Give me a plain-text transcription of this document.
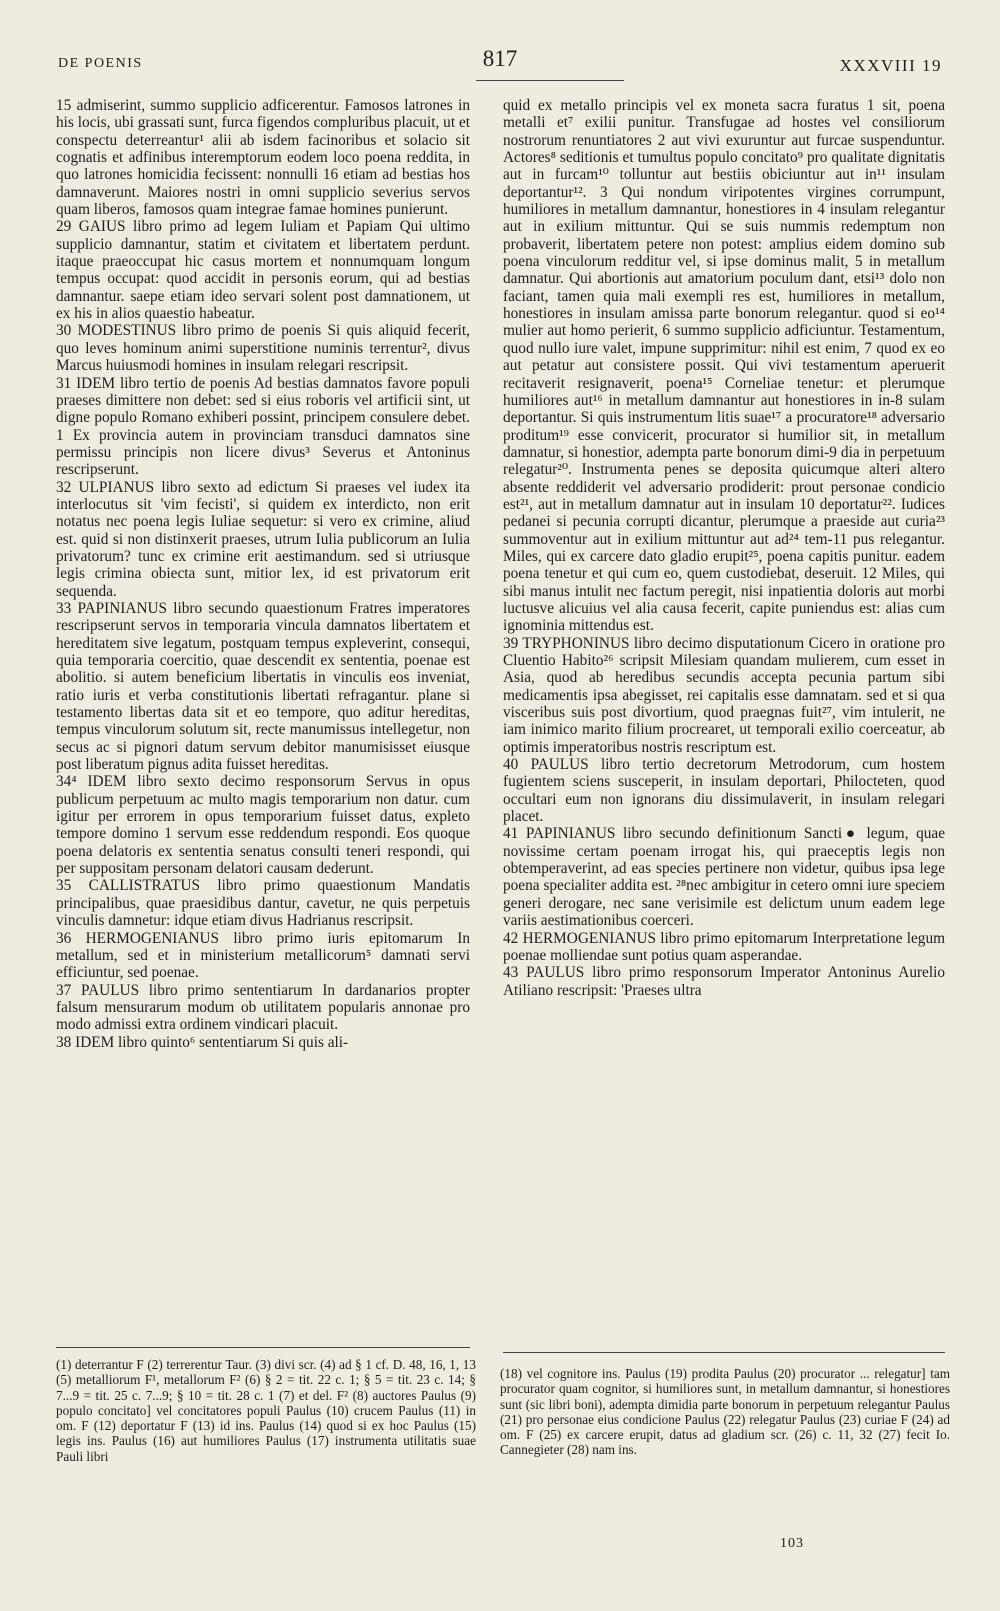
DE POENIS	817	XXXVIII 19

15 admiserint, summo supplicio adficerentur. Famosos latrones in his locis, ubi grassati sunt, furca figendos compluribus placuit, ut et conspectu deterreantur¹ alii ab isdem facinoribus et solacio sit cognatis et adfinibus interemptorum eodem loco poena reddita, in quo latrones homicidia fecissent: nonnulli 16 etiam ad bestias hos damnaverunt. Maiores nostri in omni supplicio severius servos quam liberos, famosos quam integrae famae homines punierunt.

29 GAIUS libro primo ad legem Iuliam et Papiam Qui ultimo supplicio damnantur, statim et civitatem et libertatem perdunt. itaque praeoccupat hic casus mortem et nonnumquam longum tempus occupat: quod accidit in personis eorum, qui ad bestias damnantur. saepe etiam ideo servari solent post damnationem, ut ex his in alios quaestio habeatur.

30 MODESTINUS libro primo de poenis Si quis aliquid fecerit, quo leves hominum animi superstitione numinis terrentur², divus Marcus huiusmodi homines in insulam relegari rescripsit.

31 IDEM libro tertio de poenis Ad bestias damnatos favore populi praeses dimittere non debet: sed si eius roboris vel artificii sint, ut digne populo Romano exhiberi possint, principem consulere debet. 1 Ex provincia autem in provinciam transduci damnatos sine permissu principis non licere divus³ Severus et Antoninus rescripserunt.

32 ULPIANUS libro sexto ad edictum Si praeses vel iudex ita interlocutus sit 'vim fecisti', si quidem ex interdicto, non erit notatus nec poena legis Iuliae sequetur: si vero ex crimine, aliud est. quid si non distinxerit praeses, utrum Iulia publicorum an Iulia privatorum? tunc ex crimine erit aestimandum. sed si utriusque legis crimina obiecta sunt, mitior lex, id est privatorum erit sequenda.

33 PAPINIANUS libro secundo quaestionum Fratres imperatores rescripserunt servos in temporaria vincula damnatos libertatem et hereditatem sive legatum, postquam tempus expleverint, consequi, quia temporaria coercitio, quae descendit ex sententia, poenae est abolitio. si autem beneficium libertatis in vinculis eos inveniat, ratio iuris et verba constitutionis libertati refragantur. plane si testamento libertas data sit et eo tempore, quo aditur hereditas, tempus vinculorum solutum sit, recte manumissus intellegetur, non secus ac si pignori datum servum debitor manumisisset eiusque post liberatum pignus adita fuisset hereditas.

34⁴ IDEM libro sexto decimo responsorum Servus in opus publicum perpetuum ac multo magis temporarium non datur. cum igitur per errorem in opus temporarium fuisset datus, expleto tempore domino 1 servum esse reddendum respondi. Eos quoque poena delatoris ex sententia senatus consulti teneri respondi, qui per suppositam personam delatori causam dederunt.

35 CALLISTRATUS libro primo quaestionum Mandatis principalibus, quae praesidibus dantur, cavetur, ne quis perpetuis vinculis damnetur: idque etiam divus Hadrianus rescripsit.

36 HERMOGENIANUS libro primo iuris epitomarum In metallum, sed et in ministerium metallicorum⁵ damnati servi efficiuntur, sed poenae.

37 PAULUS libro primo sententiarum In dardanarios propter falsum mensurarum modum ob utilitatem popularis annonae pro modo admissi extra ordinem vindicari placuit.

38 IDEM libro quinto⁶ sententiarum Si quis ali-

quid ex metallo principis vel ex moneta sacra furatus 1 sit, poena metalli et⁷ exilii punitur. Transfugae ad hostes vel consiliorum nostrorum renuntiatores 2 aut vivi exuruntur aut furcae suspenduntur. Actores⁸ seditionis et tumultus populo concitato⁹ pro qualitate dignitatis aut in furcam¹⁰ tolluntur aut bestiis obiciuntur aut in¹¹ insulam deportantur¹². 3 Qui nondum viripotentes virgines corrumpunt, humiliores in metallum damnantur, honestiores in 4 insulam relegantur aut in exilium mittuntur. Qui se suis nummis redemptum non probaverit, libertatem petere non potest: amplius eidem domino sub poena vinculorum redditur vel, si ipse dominus malit, 5 in metallum damnatur. Qui abortionis aut amatorium poculum dant, etsi¹³ dolo non faciant, tamen quia mali exempli res est, humiliores in metallum, honestiores in insulam amissa parte bonorum relegantur. quod si eo¹⁴ mulier aut homo perierit, 6 summo supplicio adficiuntur. Testamentum, quod nullo iure valet, impune supprimitur: nihil est enim, 7 quod ex eo aut petatur aut consistere possit. Qui vivi testamentum aperuerit recitaverit resignaverit, poena¹⁵ Corneliae tenetur: et plerumque humiliores aut¹⁶ in metallum damnantur aut honestiores in in-8 sulam deportantur. Si quis instrumentum litis suae¹⁷ a procuratore¹⁸ adversario proditum¹⁹ esse convicerit, procurator si humilior sit, in metallum damnatur, si honestior, adempta parte bonorum dimi-9 dia in perpetuum relegatur²⁰. Instrumenta penes se deposita quicumque alteri altero absente reddiderit vel adversario prodiderit: prout personae condicio est²¹, aut in metallum damnatur aut in insulam 10 deportatur²². Iudices pedanei si pecunia corrupti dicantur, plerumque a praeside aut curia²³ summoventur aut in exilium mittuntur aut ad²⁴ tem-11 pus relegantur. Miles, qui ex carcere dato gladio erupit²⁵, poena capitis punitur. eadem poena tenetur et qui cum eo, quem custodiebat, deseruit. 12 Miles, qui sibi manus intulit nec factum peregit, nisi inpatientia doloris aut morbi luctusve alicuius vel alia causa fecerit, capite puniendus est: alias cum ignominia mittendus est.

39 TRYPHONINUS libro decimo disputationum Cicero in oratione pro Cluentio Habito²⁶ scripsit Milesiam quandam mulierem, cum esset in Asia, quod ab heredibus secundis accepta pecunia partum sibi medicamentis ipsa abegisset, rei capitalis esse damnatam. sed et si qua visceribus suis post divortium, quod praegnas fuit²⁷, vim intulerit, ne iam inimico marito filium procrearet, ut temporali exilio coerceatur, ab optimis imperatoribus nostris rescriptum est.

40 PAULUS libro tertio decretorum Metrodorum, cum hostem fugientem sciens susceperit, in insulam deportari, Philocteten, quod occultari eum non ignorans diu dissimulaverit, in insulam relegari placet.

41 PAPINIANUS libro secundo definitionum Sancti● legum, quae novissime certam poenam irrogat his, qui praeceptis legis non obtemperaverint, ad eas species pertinere non videtur, quibus ipsa lege poena specialiter addita est. ²⁸nec ambigitur in cetero omni iure speciem generi derogare, nec sane verisimile est delictum unum eadem lege variis aestimationibus coerceri.

42 HERMOGENIANUS libro primo epitomarum Interpretatione legum poenae molliendae sunt potius quam asperandae.

43 PAULUS libro primo responsorum Imperator Antoninus Aurelio Atiliano rescripsit: 'Praeses ultra

(1) deterrantur F (2) terrerentur Taur. (3) divi scr. (4) ad § 1 cf. D. 48, 16, 1, 13 (5) metalliorum F¹, metallorum F² (6) § 2 = tit. 22 c. 1; § 5 = tit. 23 c. 14; § 7...9 = tit. 25 c. 7...9; § 10 = tit. 28 c. 1 (7) et del. F² (8) auctores Paulus (9) populo concitato] vel concitatores populi Paulus (10) crucem Paulus (11) in om. F (12) deportatur F (13) id ins. Paulus (14) quod si ex hoc Paulus (15) legis ins. Paulus (16) aut humiliores Paulus (17) instrumenta utilitatis suae Pauli libri
(18) vel cognitore ins. Paulus (19) prodita Paulus (20) procurator ... relegatur] tam procurator quam cognitor, si humiliores sunt, in metallum damnantur, si honestiores sunt (sic libri boni), adempta dimidia parte bonorum in perpetuum relegantur Paulus (21) pro personae eius condicione Paulus (22) relegatur Paulus (23) curiae F (24) ad om. F (25) ex carcere erupit, datus ad gladium scr. (26) c. 11, 32 (27) fecit Io. Cannegieter (28) nam ins.
103
